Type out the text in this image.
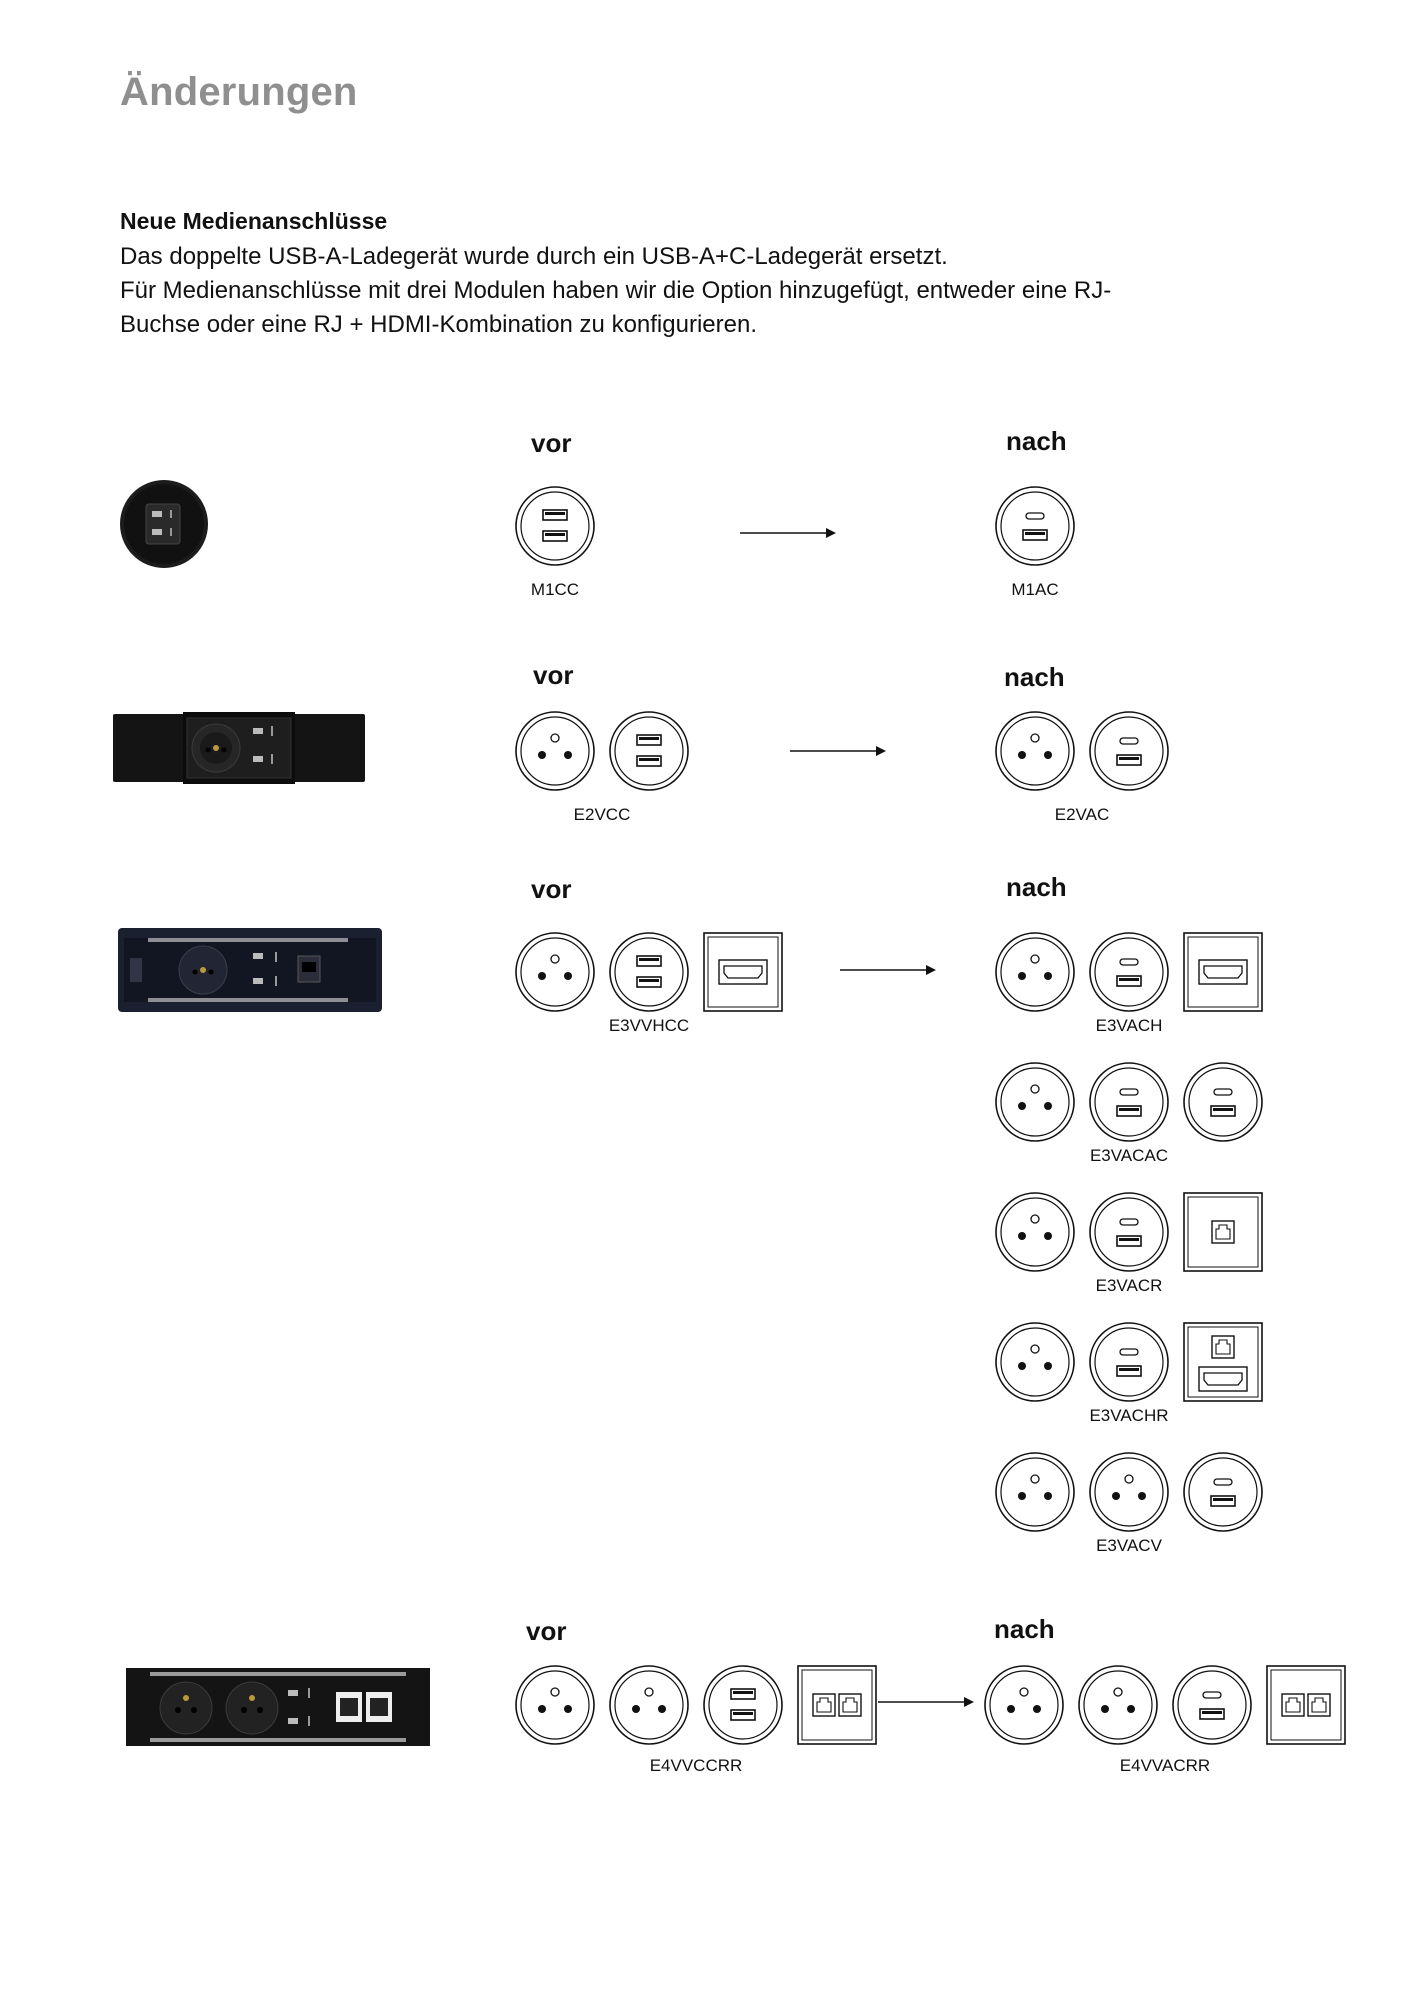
Änderungen
Neue Medienanschlüsse

Das doppelte USB-A-Ladegerät wurde durch ein USB-A+C-Ladegerät ersetzt.

Für Medienanschlüsse mit drei Modulen haben wir die Option hinzugefügt, entweder eine RJ-

Buchse oder eine RJ + HDMI-Kombination zu konfigurieren.

vor	nach
vor	nach
vor	nach
vor	nach
M1CC	M1AC
E2VCC	E2VAC
E3VVHCC	E3VACH
E3VACAC
E3VACR
E3VACHR
E3VACV
E4VVCCRR	E4VVACRR
